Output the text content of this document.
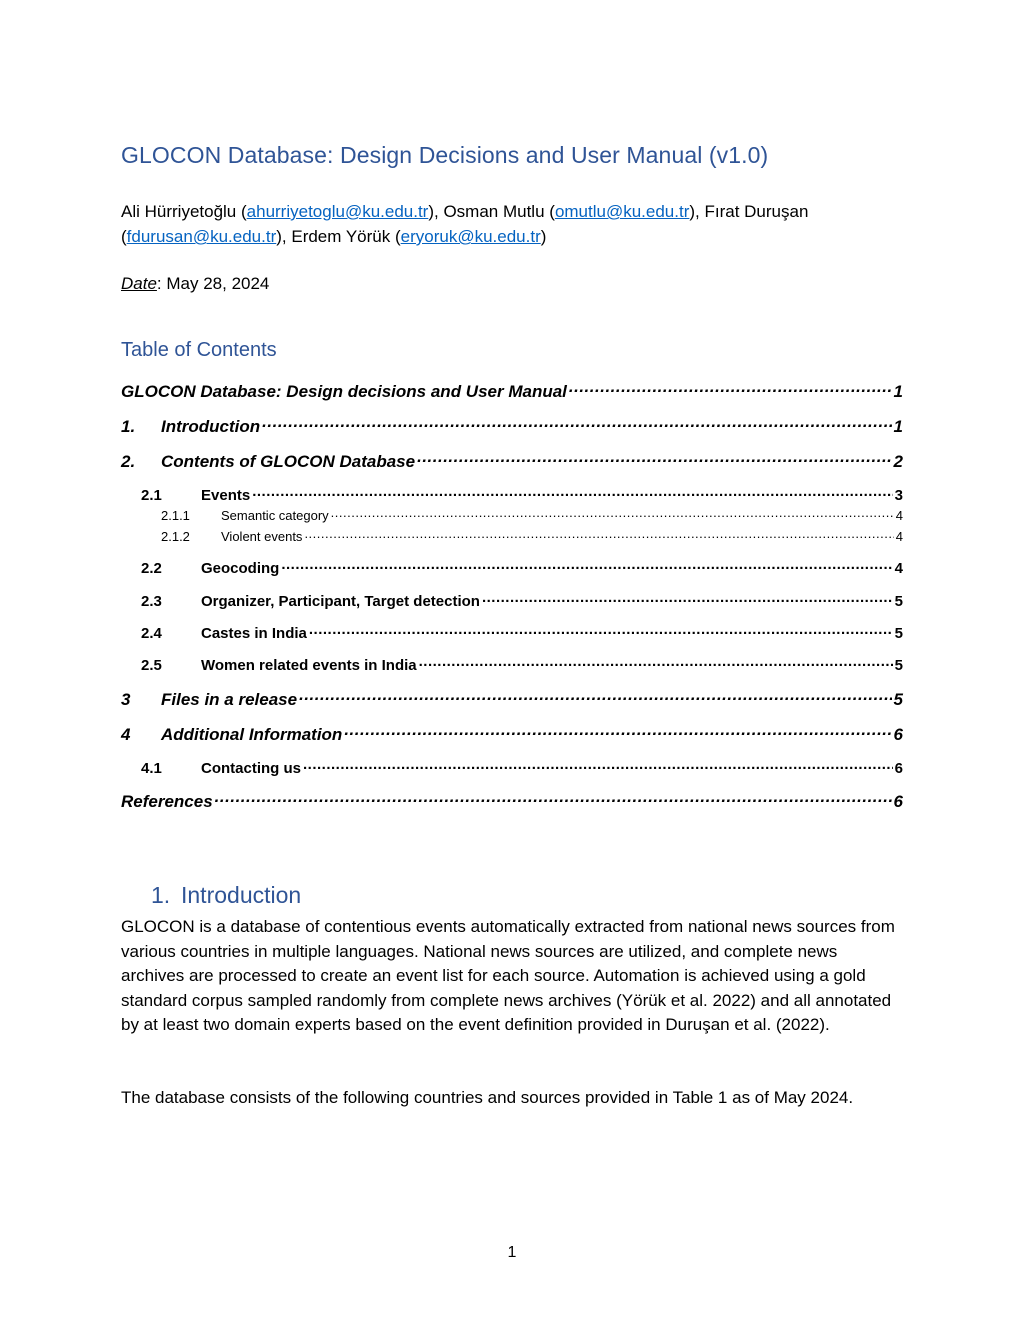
GLOCON Database: Design Decisions and User Manual (v1.0)

Ali Hürriyetoğlu (ahurriyetoglu@ku.edu.tr), Osman Mutlu (omutlu@ku.edu.tr), Fırat Duruşan (fdurusan@ku.edu.tr), Erdem Yörük (eryoruk@ku.edu.tr)

Date: May 28, 2024

Table of Contents
GLOCON Database: Design decisions and User Manual .....	1
1.	Introduction .....	1
2.	Contents of GLOCON Database .....	2
2.1	Events .....	3
2.1.1	Semantic category .....	4
2.1.2	Violent events .....	4
2.2	Geocoding .....	4
2.3	Organizer, Participant, Target detection .....	5
2.4	Castes in India .....	5
2.5	Women related events in India .....	5
3	Files in a release .....	5
4	Additional Information .....	6
4.1	Contacting us .....	6
References .....	6
1. Introduction

GLOCON is a database of contentious events automatically extracted from national news sources from various countries in multiple languages. National news sources are utilized, and complete news archives are processed to create an event list for each source. Automation is achieved using a gold standard corpus sampled randomly from complete news archives (Yörük et al. 2022) and all annotated by at least two domain experts based on the event definition provided in Duruşan et al. (2022).

The database consists of the following countries and sources provided in Table 1 as of May 2024.

1
